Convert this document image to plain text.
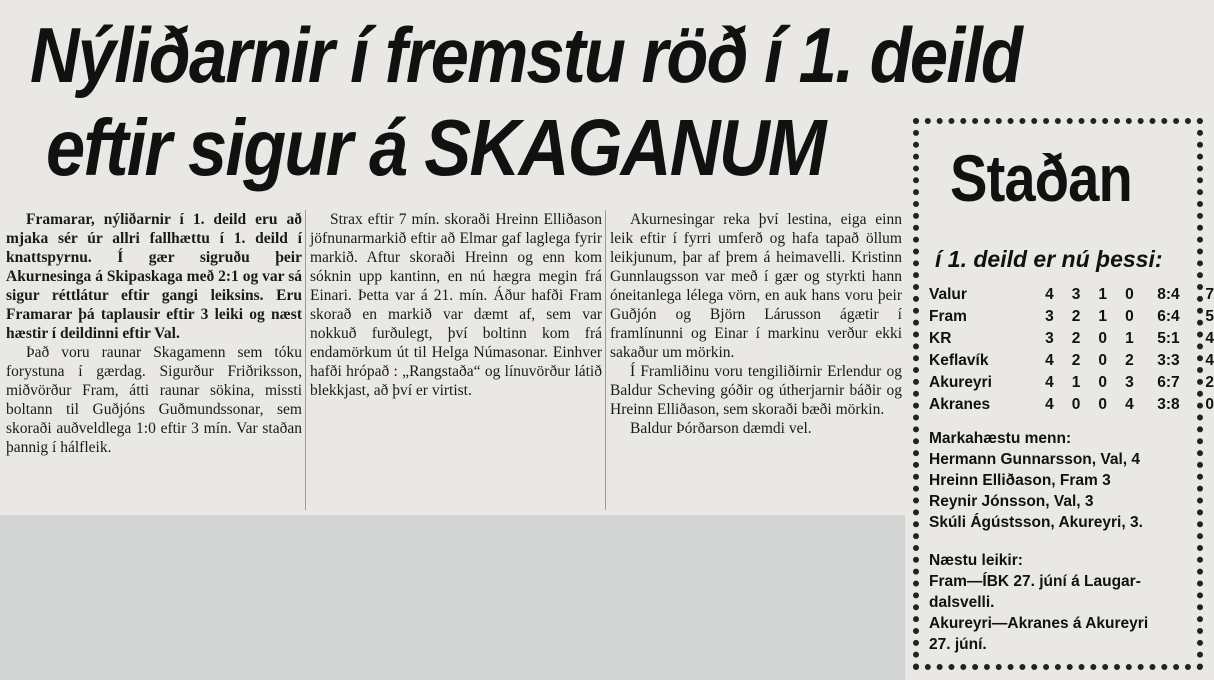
Nýliðarnir í fremstu röð í 1. deild
eftir sigur á SKAGANUM

Framarar, nýliðarnir í 1. deild eru að mjaka sér úr allri fallhættu í 1. deild í knattspyrnu. Í gær sigruðu þeir Akurnesinga á Skipaskaga með 2:1 og var sá sigur réttlátur eftir gangi leiksins. Eru Framarar þá taplausir eftir 3 leiki og næst hæstir í deildinni eftir Val.

Það voru raunar Skagamenn sem tóku forystuna í gærdag. Sigurður Friðriksson, miðvörður Fram, átti raunar sökina, missti boltann til Guðjóns Guðmundssonar, sem skoraði auðveldlega 1:0 eftir 3 mín. Var staðan þannig í hálfleik.

Strax eftir 7 mín. skoraði Hreinn Elliðason jöfnunarmarkið eftir að Elmar gaf laglega fyrir markið. Aftur skoraði Hreinn og enn kom sóknin upp kantinn, en nú hægra megin frá Einari. Þetta var á 21. mín. Áður hafði Fram skorað en markið var dæmt af, sem var nokkuð furðulegt, því boltinn kom frá endamörkum út til Helga Númasonar. Einhver hafði hrópað : „Rangstaða“ og línuvörður látið blekkjast, að því er virtist.

Akurnesingar reka því lestina, eiga einn leik eftir í fyrri umferð og hafa tapað öllum leikjunum, þar af þrem á heimavelli. Kristinn Gunnlaugsson var með í gær og styrkti hann óneitanlega lélega vörn, en auk hans voru þeir Guðjón og Björn Lárusson ágætir í framlínunni og Einar í markinu verður ekki sakaður um mörkin.

Í Framliðinu voru tengiliðirnir Erlendur og Baldur Scheving góðir og útherjarnir báðir og Hreinn Elliðason, sem skoraði bæði mörkin.

Baldur Þórðarson dæmdi vel.

Staðan
í 1. deild er nú þessi:
Valur	4	3	1	0	8:4	7
Fram	3	2	1	0	6:4	5
KR	3	2	0	1	5:1	4
Keflavík	4	2	0	2	3:3	4
Akureyri	4	1	0	3	6:7	2
Akranes	4	0	0	4	3:8	0
Markahæstu menn:
Hermann Gunnarsson, Val, 4
Hreinn Elliðason, Fram 3
Reynir Jónsson, Val, 3
Skúli Ágústsson, Akureyri, 3.
Næstu leikir:
Fram—ÍBK 27. júní á Laugar-
dalsvelli.
Akureyri—Akranes á Akureyri
27. júní.
